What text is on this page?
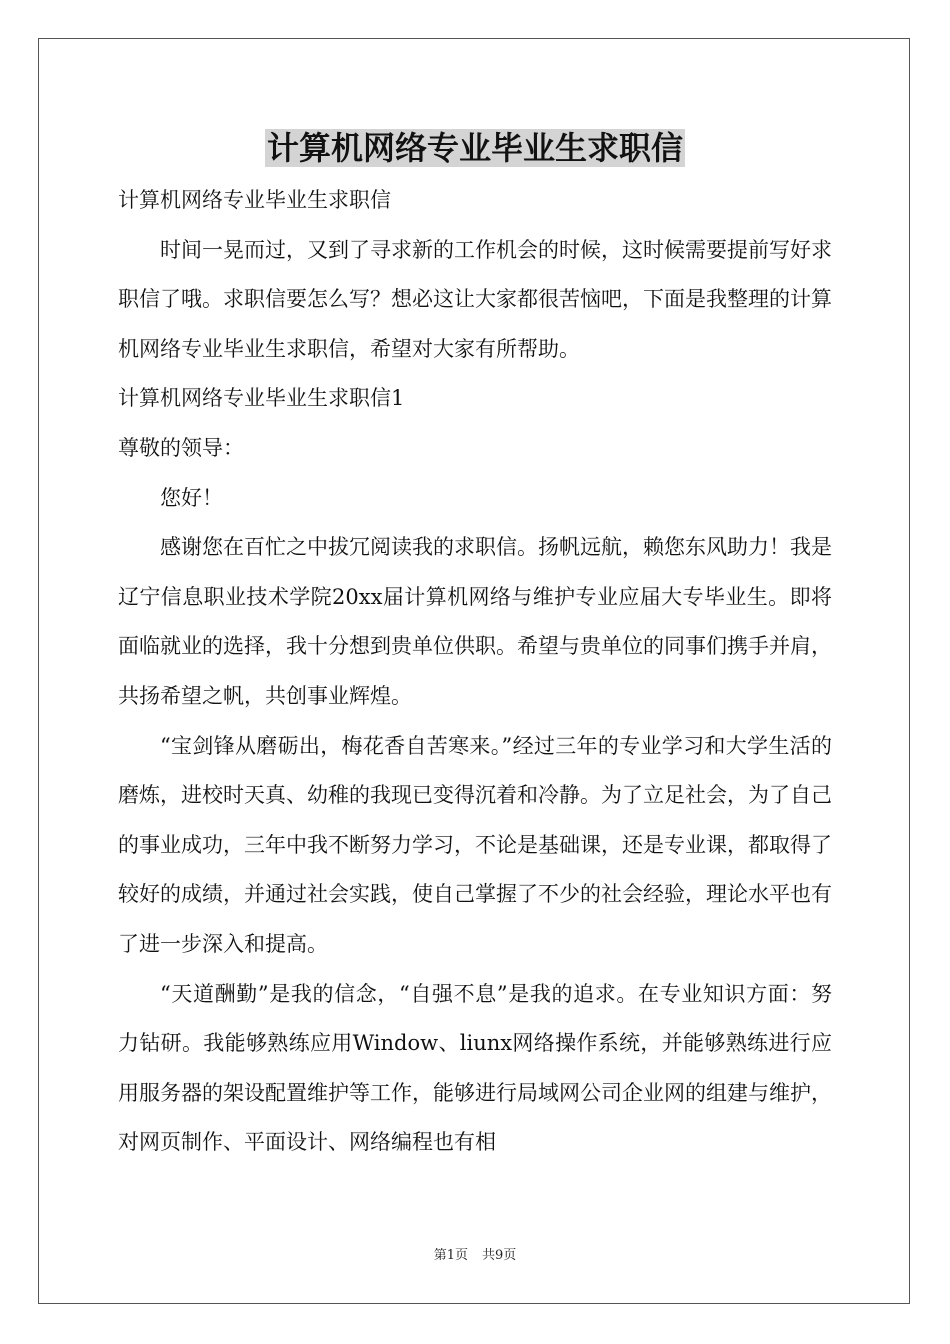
计算机网络专业毕业生求职信

计算机网络专业毕业生求职信

时间一晃而过，又到了寻求新的工作机会的时候，这时候需要提前写好求职信了哦。求职信要怎么写？想必这让大家都很苦恼吧，下面是我整理的计算机网络专业毕业生求职信，希望对大家有所帮助。

计算机网络专业毕业生求职信1

尊敬的领导：

您好！

感谢您在百忙之中拔冗阅读我的求职信。扬帆远航，赖您东风助力！我是辽宁信息职业技术学院20xx届计算机网络与维护专业应届大专毕业生。即将面临就业的选择，我十分想到贵单位供职。希望与贵单位的同事们携手并肩，共扬希望之帆，共创事业辉煌。

“宝剑锋从磨砺出，梅花香自苦寒来。”经过三年的专业学习和大学生活的磨炼，进校时天真、幼稚的我现已变得沉着和冷静。为了立足社会，为了自己的事业成功，三年中我不断努力学习，不论是基础课，还是专业课，都取得了较好的成绩，并通过社会实践，使自己掌握了不少的社会经验，理论水平也有了进一步深入和提高。

“天道酬勤”是我的信念，“自强不息”是我的追求。在专业知识方面：努力钻研。我能够熟练应用Window、liunx网络操作系统，并能够熟练进行应用服务器的架设配置维护等工作，能够进行局域网公司企业网的组建与维护，对网页制作、平面设计、网络编程也有相

第1页 共9页
